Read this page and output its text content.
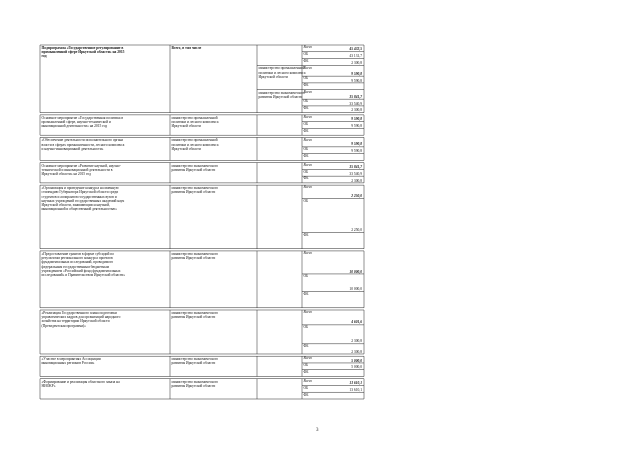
Подпрограмма «Государственное регулирование в
промышленной сфере Иркутской области» на 2015
год
Всего, в том числе	Всего
45 432,5
ОБ
43 131,7
ФБ
2 300,8
министерство промышленной
политики и лесного комплекса
Иркутской области
Всего
9 590,8
ОБ
9 590,8
ФБ
министерство экономического
развития Иркутской области
Всего
35 841,7
ОБ
33 540,9
ФБ
2 300,8
Основное мероприятие «Государственная политика в
промышленной сфере, научно-технической и
инновационной деятельности» на 2015 год
министерство промышленной
политики и лесного комплекса
Иркутской области
Всего
9 590,8
ОБ
9 590,8
ФБ
«Обеспечение деятельности исполнительного органа
власти в сферах промышленности, лесного комплекса
и научно-инновационной деятельности»
министерство промышленной
политики и лесного комплекса
Иркутской области
Всего
9 590,8
ОБ
9 590,8
ФБ
Основное мероприятие «Развитие научной, научно-
технической и инновационной деятельности в
Иркутской области» на 2015 год
министерство экономического
развития Иркутской области
Всего
35 841,7
ОБ
33 540,9
ФБ
2 300,8
«Организация и проведение конкурса на именную
стипендию Губернатора Иркутской области среди
студентов и аспирантов государственных вузов и
научных учреждений государственных академий наук
Иркутской области, занимающихся научной,
инновационной и общественной деятельностью»
министерство экономического
развития Иркутской области
Всего
2 250,0
ОБ
2 250,0
ФБ
«Предоставление грантов в форме субсидий по
результатам регионального конкурса проектов
фундаментальных исследований, проводимого
федеральным государственным бюджетным
учреждением «Российский фонд фундаментальных
исследований» и Правительством Иркутской области»
министерство экономического
развития Иркутской области
Всего
10 000,0
ОБ
10 000,0
ФБ
«Реализация Государственного плана подготовки
управленческих кадров для организаций народного
хозяйства на территории Иркутской области
(Президентская программа)»
министерство экономического
развития Иркутской области
Всего
4 601,6
ОБ
2 300,8
ФБ
2 300,8
«Участие в мероприятиях Ассоциации
инновационных регионов России»
министерство экономического
развития Иркутской области
Всего
5 000,0
ОБ
5 000,0
ФБ
«Формирование и реализация областного заказа на
НИОКР»
министерство экономического
развития Иркутской области
Всего
13 610,1
ОБ
13 610,1
ФБ
3
